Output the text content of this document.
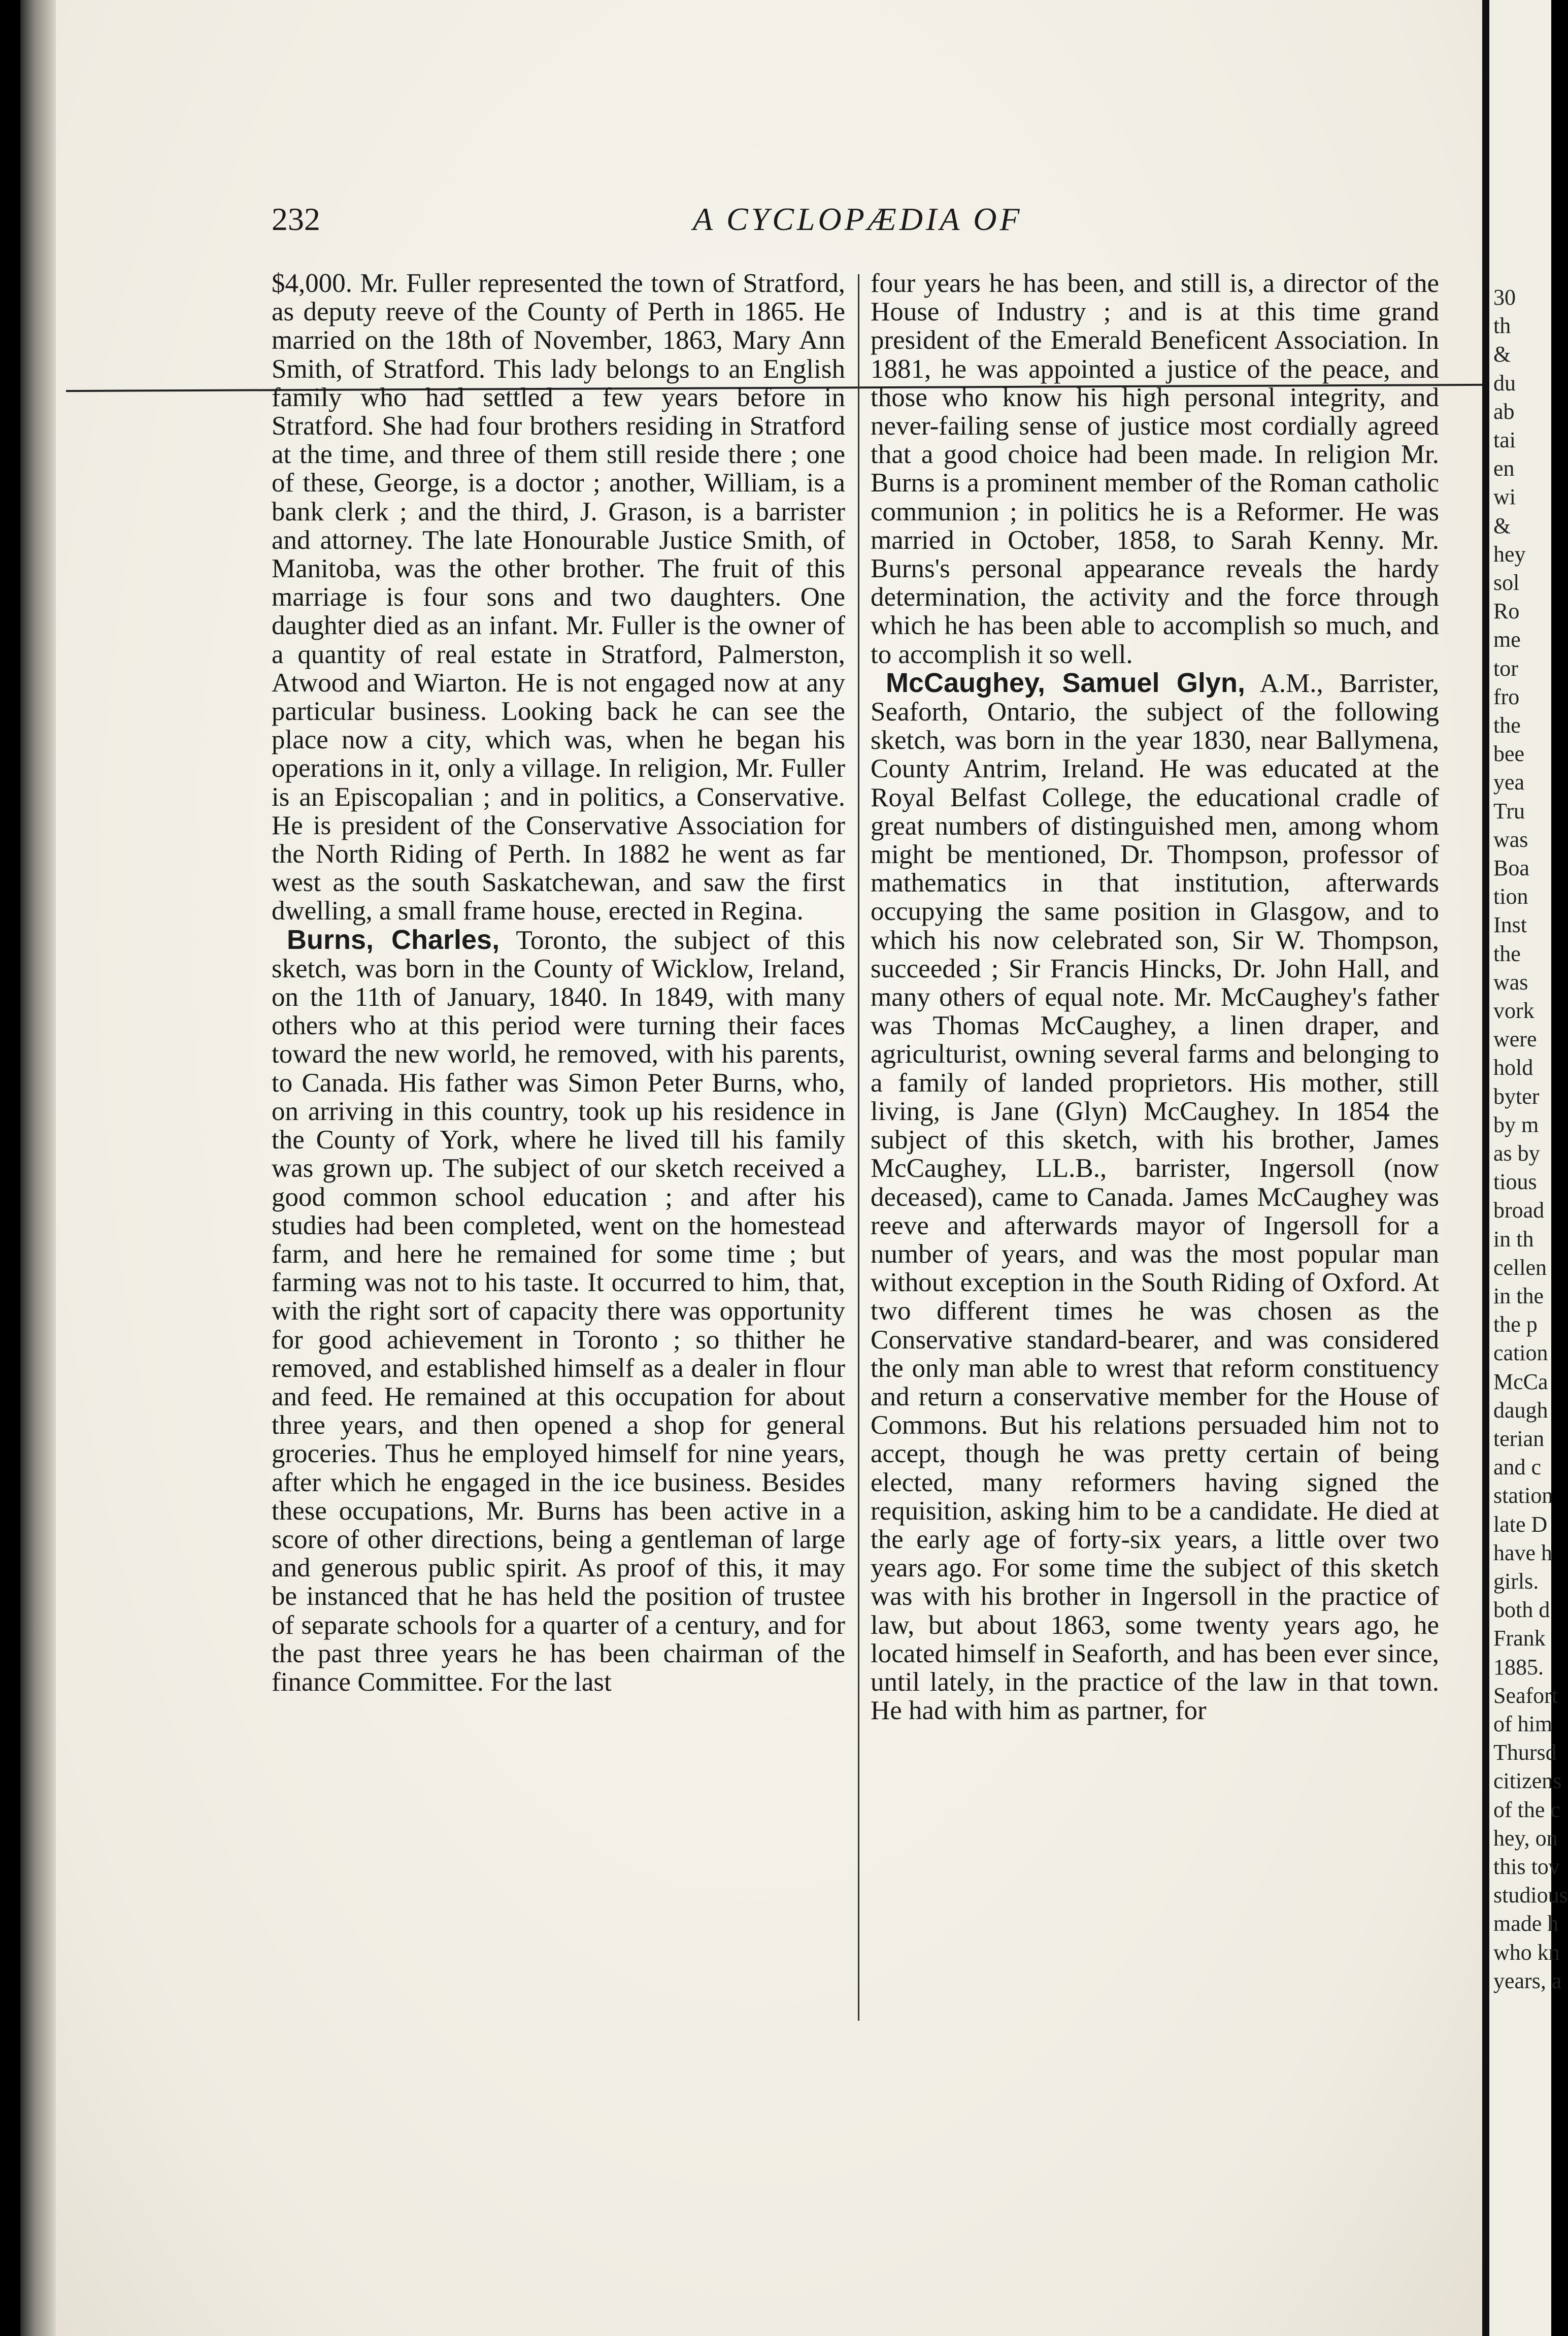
232	A CYCLOPÆDIA OF

$4,000. Mr. Fuller represented the town of Stratford, as deputy reeve of the County of Perth in 1865. He married on the 18th of November, 1863, Mary Ann Smith, of Stratford. This lady belongs to an English family who had settled a few years before in Stratford. She had four brothers residing in Stratford at the time, and three of them still reside there ; one of these, George, is a doctor ; another, William, is a bank clerk ; and the third, J. Grason, is a barrister and attorney. The late Honourable Justice Smith, of Manitoba, was the other brother. The fruit of this marriage is four sons and two daughters. One daughter died as an infant. Mr. Fuller is the owner of a quantity of real estate in Stratford, Palmerston, Atwood and Wiarton. He is not engaged now at any particular business. Looking back he can see the place now a city, which was, when he began his operations in it, only a village. In religion, Mr. Fuller is an Episcopalian ; and in politics, a Conservative. He is president of the Conservative Association for the North Riding of Perth. In 1882 he went as far west as the south Saskatchewan, and saw the first dwelling, a small frame house, erected in Regina.

Burns, Charles, Toronto, the subject of this sketch, was born in the County of Wicklow, Ireland, on the 11th of January, 1840. In 1849, with many others who at this period were turning their faces toward the new world, he removed, with his parents, to Canada. His father was Simon Peter Burns, who, on arriving in this country, took up his residence in the County of York, where he lived till his family was grown up. The subject of our sketch received a good common school education ; and after his studies had been completed, went on the homestead farm, and here he remained for some time ; but farming was not to his taste. It occurred to him, that, with the right sort of capacity there was opportunity for good achievement in Toronto ; so thither he removed, and established himself as a dealer in flour and feed. He remained at this occupation for about three years, and then opened a shop for general groceries. Thus he employed himself for nine years, after which he engaged in the ice business. Besides these occupations, Mr. Burns has been active in a score of other directions, being a gentleman of large and generous public spirit. As proof of this, it may be instanced that he has held the position of trustee of separate schools for a quarter of a century, and for the past three years he has been chairman of the finance Committee. For the last

four years he has been, and still is, a director of the House of Industry ; and is at this time grand president of the Emerald Beneficent Association. In 1881, he was appointed a justice of the peace, and those who know his high personal integrity, and never-failing sense of justice most cordially agreed that a good choice had been made. In religion Mr. Burns is a prominent member of the Roman catholic communion ; in politics he is a Reformer. He was married in October, 1858, to Sarah Kenny. Mr. Burns's personal appearance reveals the hardy determination, the activity and the force through which he has been able to accomplish so much, and to accomplish it so well.

McCaughey, Samuel Glyn, A.M., Barrister, Seaforth, Ontario, the subject of the following sketch, was born in the year 1830, near Ballymena, County Antrim, Ireland. He was educated at the Royal Belfast College, the educational cradle of great numbers of distinguished men, among whom might be mentioned, Dr. Thompson, professor of mathematics in that institution, afterwards occupying the same position in Glasgow, and to which his now celebrated son, Sir W. Thompson, succeeded ; Sir Francis Hincks, Dr. John Hall, and many others of equal note. Mr. McCaughey's father was Thomas McCaughey, a linen draper, and agriculturist, owning several farms and belonging to a family of landed proprietors. His mother, still living, is Jane (Glyn) McCaughey. In 1854 the subject of this sketch, with his brother, James McCaughey, LL.B., barrister, Ingersoll (now deceased), came to Canada. James McCaughey was reeve and afterwards mayor of Ingersoll for a number of years, and was the most popular man without exception in the South Riding of Oxford. At two different times he was chosen as the Conservative standard-bearer, and was considered the only man able to wrest that reform constituency and return a conservative member for the House of Commons. But his relations persuaded him not to accept, though he was pretty certain of being elected, many reformers having signed the requisition, asking him to be a candidate. He died at the early age of forty-six years, a little over two years ago. For some time the subject of this sketch was with his brother in Ingersoll in the practice of law, but about 1863, some twenty years ago, he located himself in Seaforth, and has been ever since, until lately, in the practice of the law in that town. He had with him as partner, for

30
th
&
du
ab
tai
en
wi
&
hey
sol
Ro
me
tor
fro
the
bee
yea
Tru
was
Boa
tion
Inst
the
was
vork
were
hold
byter
by m
as by
tious
broad
in th
cellen
in the
the p
cation
McCa
daugh
terian
and c
station
late D
have h
girls.
both d
Frank
1885.
Seafort
of him
Thursd
citizens
of the c
hey, on
this tov
studious
made h
who kn
years, a
